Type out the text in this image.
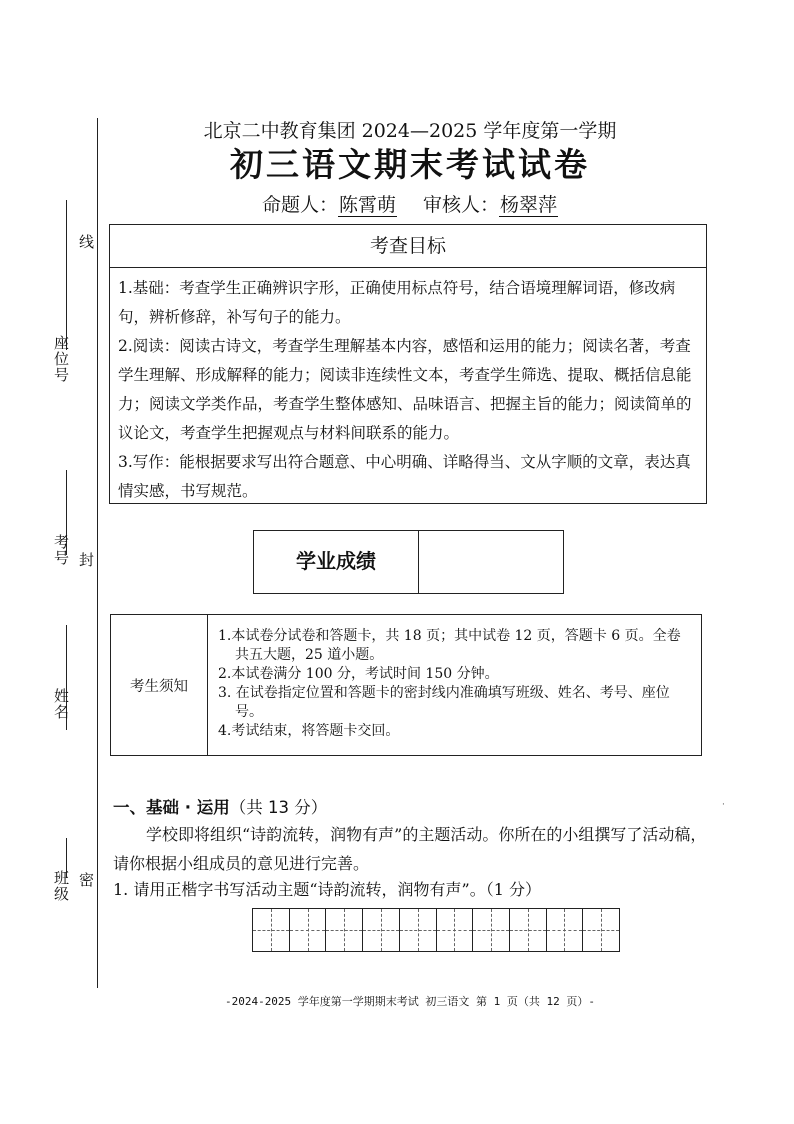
座位号
考号
姓名
班级
线
封
密
北京二中教育集团 2024—2025 学年度第一学期
初三语文期末考试试卷
命题人：陈霄萌 审核人：杨翠萍
考查目标

1.基础：考查学生正确辨识字形，正确使用标点符号，结合语境理解词语，修改病句，辨析修辞，补写句子的能力。

2.阅读：阅读古诗文，考查学生理解基本内容，感悟和运用的能力；阅读名著，考查学生理解、形成解释的能力；阅读非连续性文本，考查学生筛选、提取、概括信息能力；阅读文学类作品，考查学生整体感知、品味语言、把握主旨的能力；阅读简单的议论文，考查学生把握观点与材料间联系的能力。

3.写作：能根据要求写出符合题意、中心明确、详略得当、文从字顺的文章，表达真情实感，书写规范。

学业成绩
考生须知
1.本试卷分试卷和答题卡，共 18 页；其中试卷 12 页，答题卡 6 页。全卷共五大题，25 道小题。
2.本试卷满分 100 分，考试时间 150 分钟。
3. 在试卷指定位置和答题卡的密封线内准确填写班级、姓名、考号、座位号。
4.考试结束，将答题卡交回。
一、基础 · 运用（共 13 分）
学校即将组织“诗韵流转，润物有声”的主题活动。你所在的小组撰写了活动稿，请你根据小组成员的意见进行完善。
1. 请用正楷字书写活动主题“诗韵流转，润物有声”。（1 分）
·
-2024-2025 学年度第一学期期末考试 初三语文 第 1 页（共 12 页）-
